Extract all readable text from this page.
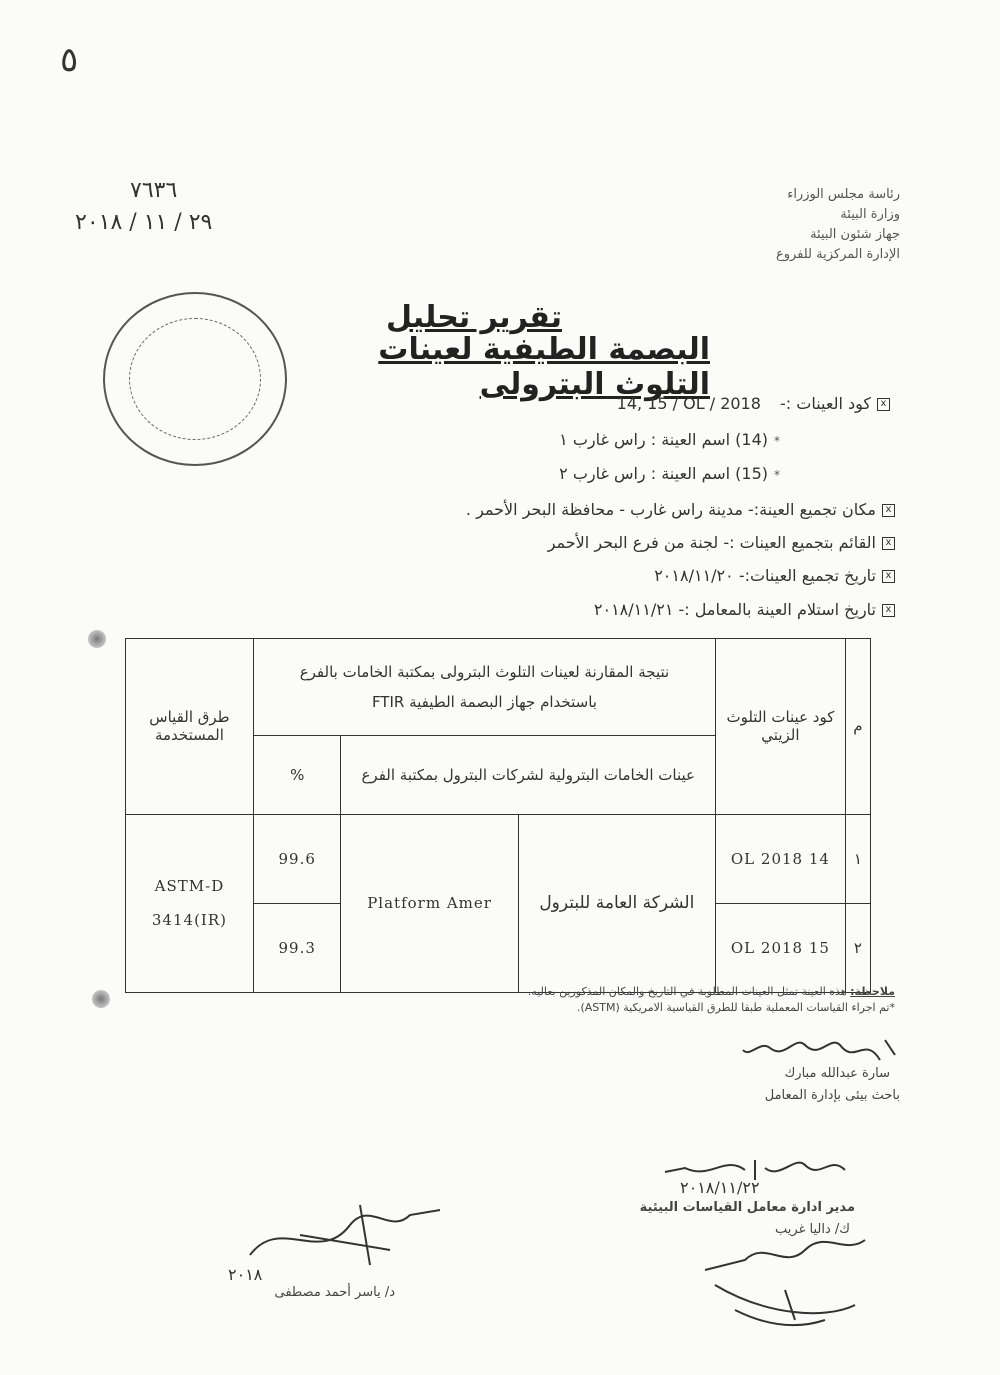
٥
٧٦٣٦
٢٩ / ١١ / ٢٠١٨
رئاسة مجلس الوزراء
وزارة البيئة
جهاز شئون البيئة
الإدارة المركزية للفروع
تقرير تحليل
البصمة الطيفية لعينات التلوث البترولى
xكود العينات :- 14, 15 / OL / 2018
*(14) اسم العينة : راس غارب ١
*(15) اسم العينة : راس غارب ٢
xمكان تجميع العينة:- مدينة راس غارب - محافظة البحر الأحمر .
xالقائم بتجميع العينات :- لجنة من فرع البحر الأحمر
xتاريخ تجميع العينات:- ٢٠١٨/١١/٢٠
xتاريخ استلام العينة بالمعامل :- ٢٠١٨/١١/٢١
م	كود عينات التلوث الزيتي	نتيجة المقارنة لعينات التلوث البترولى بمكتبة الخامات بالفرع باستخدام جهاز البصمة الطيفية FTIR			طرق القياس المستخدمة
		عينات الخامات البترولية لشركات البترول بمكتبة الفرع		%	
١	14 OL 2018	الشركة العامة للبترول	Platform Amer	99.6	ASTM-D 3414(IR)
٢	15 OL 2018			99.3	
ملاحظة: هذه العينة تمثل العينات المطلوبة في التاريخ والمكان المذكورين بعاليه.
*تم اجراء القياسات المعملية طبقا للطرق القياسية الامريكية (ASTM).
سارة عبدالله مبارك
باحث بيئى بإدارة المعامل
٢٠١٨/١١/٢٢
مدير ادارة معامل القياسات البيئية
ك/ داليا غريب
٢٠١٨
د/ ياسر أحمد مصطفى
